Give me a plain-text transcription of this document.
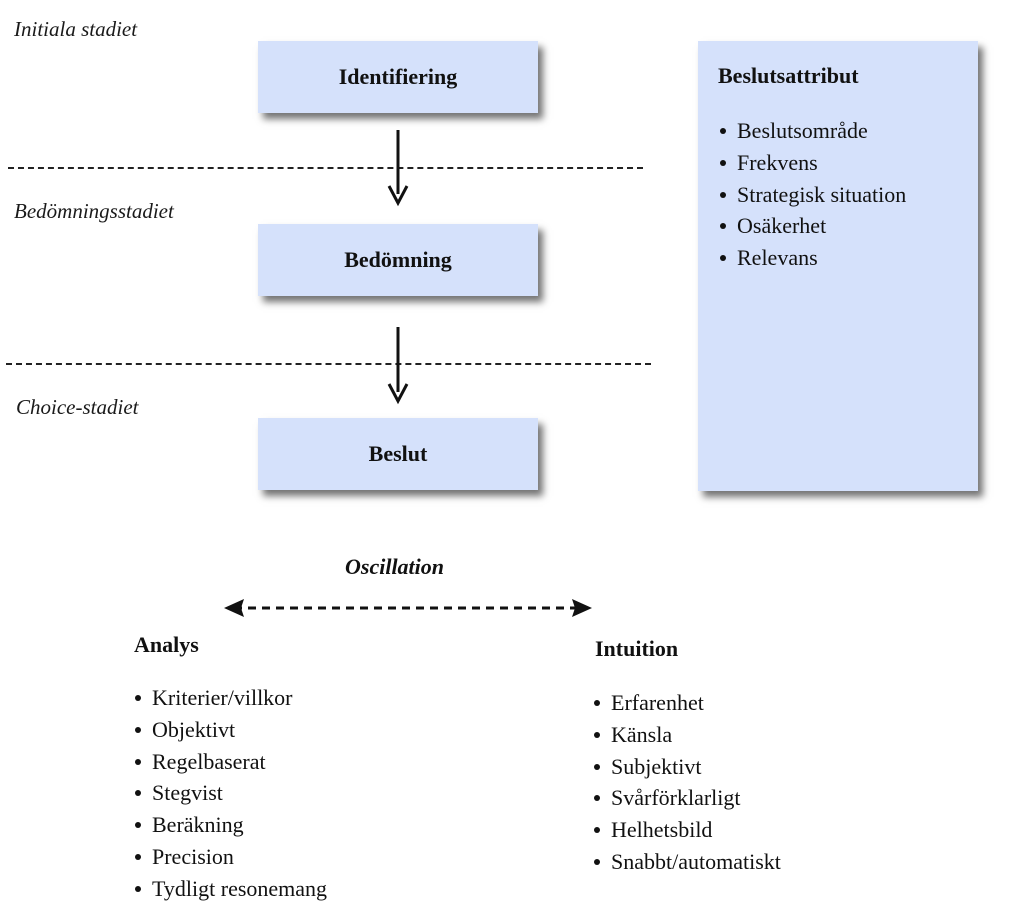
Initiala stadiet
Bedömningsstadiet
Choice-stadiet
Identifiering
Bedömning
Beslut
Beslutsattribut
Beslutsområde
Frekvens
Strategisk situation
Osäkerhet
Relevans
Oscillation
Analys
Kriterier/villkor
Objektivt
Regelbaserat
Stegvist
Beräkning
Precision
Tydligt resonemang
Intuition
Erfarenhet
Känsla
Subjektivt
Svårförklarligt
Helhetsbild
Snabbt/automatiskt
